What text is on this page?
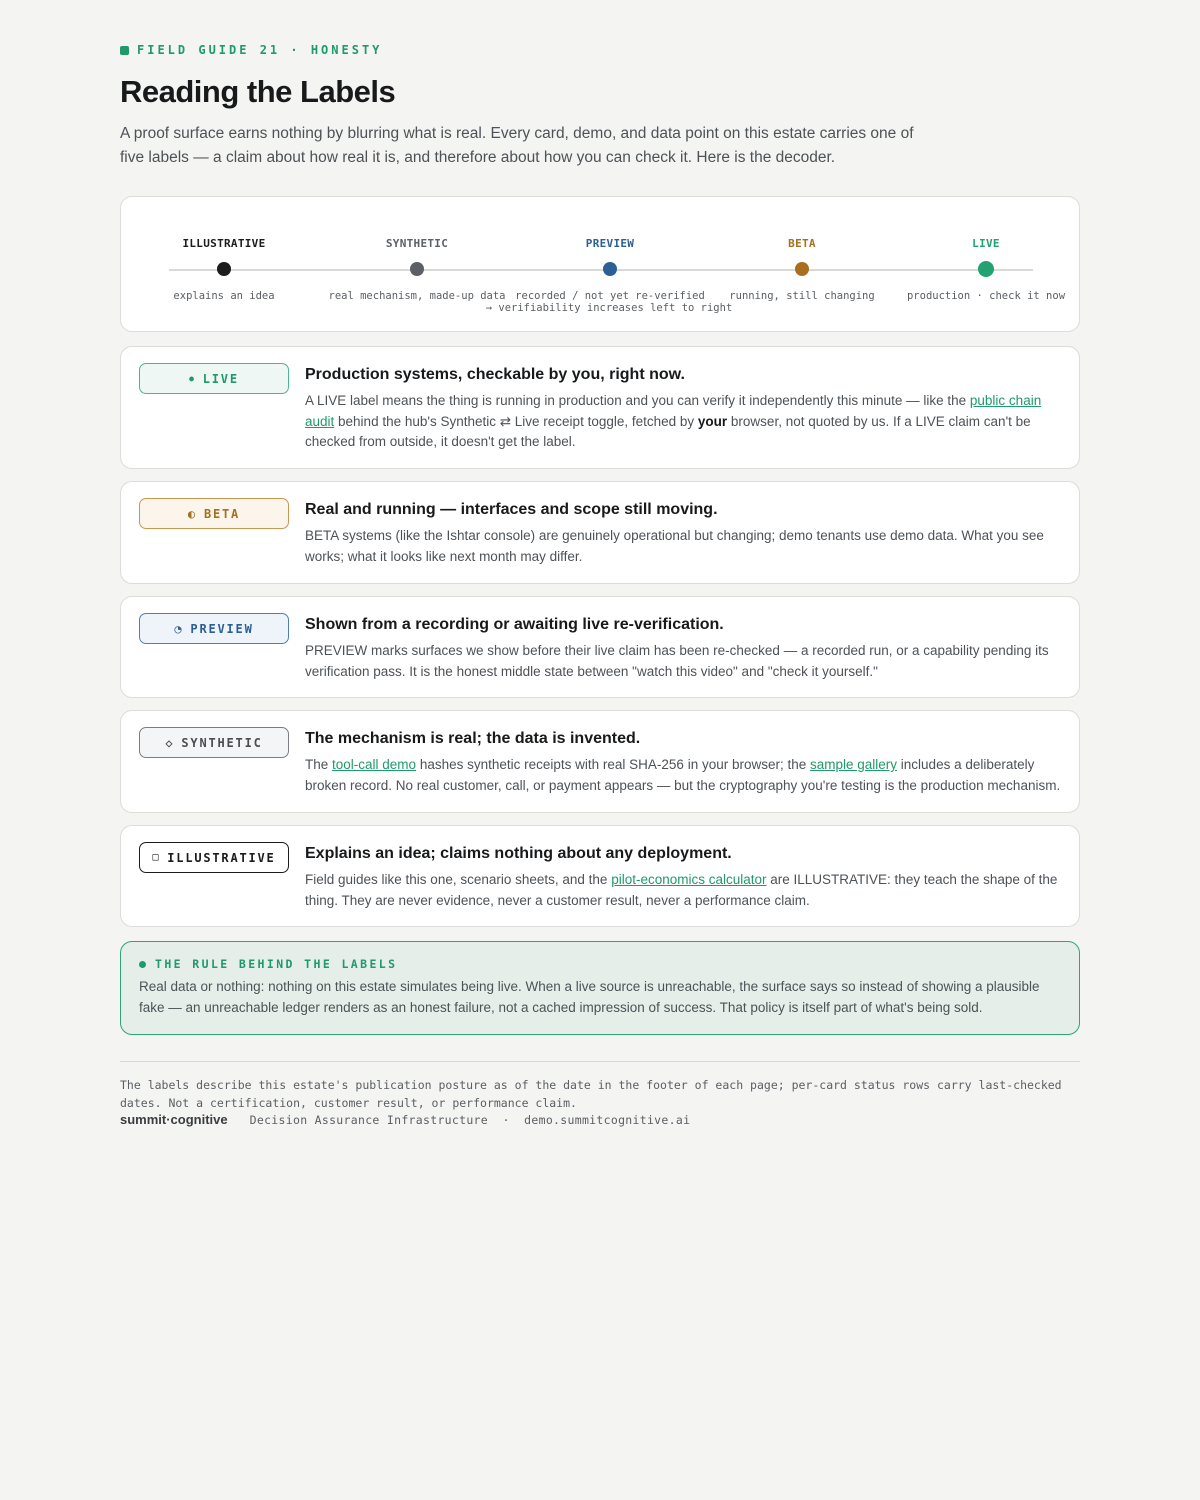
FIELD GUIDE 21 · HONESTY
Reading the Labels

A proof surface earns nothing by blurring what is real. Every card, demo, and data point on this estate carries one of five labels — a claim about how real it is, and therefore about how you can check it. Here is the decoder.

ILLUSTRATIVE
explains an idea
SYNTHETIC
real mechanism, made-up data
PREVIEW
recorded / not yet re-verified
BETA
running, still changing
LIVE
production · check it now
→ verifiability increases left to right
● LIVE	Production systems, checkable by you, right now.
A LIVE label means the thing is running in production and you can verify it independently this minute — like the public chain audit behind the hub's Synthetic ⇄ Live receipt toggle, fetched by your browser, not quoted by us. If a LIVE claim can't be checked from outside, it doesn't get the label.
◐ BETA	Real and running — interfaces and scope still moving.
BETA systems (like the Ishtar console) are genuinely operational but changing; demo tenants use demo data. What you see works; what it looks like next month may differ.
◔ PREVIEW	Shown from a recording or awaiting live re-verification.
PREVIEW marks surfaces we show before their live claim has been re-checked — a recorded run, or a capability pending its verification pass. It is the honest middle state between "watch this video" and "check it yourself."
◇ SYNTHETIC	The mechanism is real; the data is invented.
The tool-call demo hashes synthetic receipts with real SHA-256 in your browser; the sample gallery includes a deliberately broken record. No real customer, call, or payment appears — but the cryptography you're testing is the production mechanism.
□ ILLUSTRATIVE Explains an idea; claims nothing about any deployment.
Field guides like this one, scenario sheets, and the pilot-economics calculator are ILLUSTRATIVE: they teach the shape of the thing. They are never evidence, never a customer result, never a performance claim.
THE RULE BEHIND THE LABELS

Real data or nothing: nothing on this estate simulates being live. When a live source is unreachable, the surface says so instead of showing a plausible fake — an unreachable ledger renders as an honest failure, not a cached impression of success. That policy is itself part of what's being sold.

The labels describe this estate's publication posture as of the date in the footer of each page; per-card status rows carry last-checked dates. Not a certification, customer result, or performance claim.

summit·cognitive Decision Assurance Infrastructure · demo.summitcognitive.ai
